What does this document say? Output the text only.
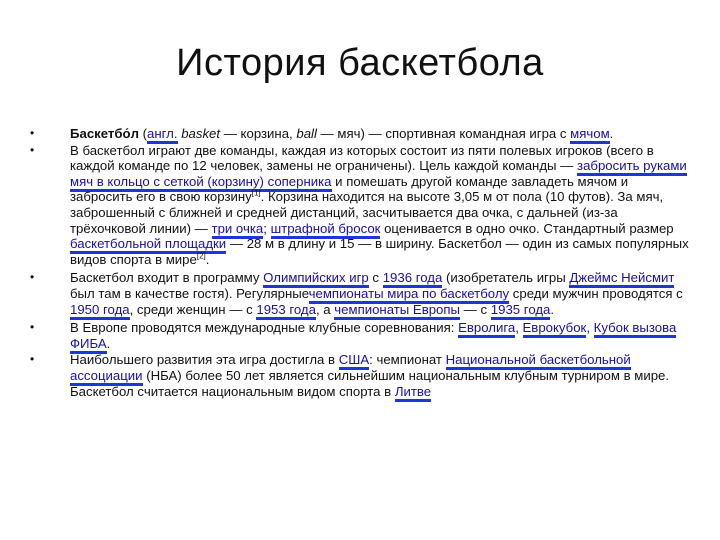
История баскетбола
•	Баскетбо́л (англ. basket — корзина, ball — мяч) — спортивная командная игра с мячом.
•	В баскетбол играют две команды, каждая из которых состоит из пяти полевых игроков (всего в каждой команде по 12 человек, замены не ограничены). Цель каждой команды — забросить руками мяч в кольцо с сеткой (корзину) соперника и помешать другой команде завладеть мячом и забросить его в свою корзину[1]. Корзина находится на высоте 3,05 м от пола (10 футов). За мяч, заброшенный с ближней и средней дистанций, засчитывается два очка, с дальней (из-за трёхочковой линии) — три очка; штрафной бросок оценивается в одно очко. Стандартный размер баскетбольной площадки — 28 м в длину и 15 — в ширину. Баскетбол — один из самых популярных видов спорта в мире[2].
•	Баскетбол входит в программу Олимпийских игр с 1936 года (изобретатель игры Джеймс Нейсмит был там в качестве гостя). Регулярныечемпионаты мира по баскетболу среди мужчин проводятся с 1950 года, среди женщин — с 1953 года, а чемпионаты Европы — с 1935 года.
•	В Европе проводятся международные клубные соревнования: Евролига, Еврокубок, Кубок вызова ФИБА.
•	Наибольшего развития эта игра достигла в США: чемпионат Национальной баскетбольной ассоциации (НБА) более 50 лет является сильнейшим национальным клубным турниром в мире. Баскетбол считается национальным видом спорта в Литве
